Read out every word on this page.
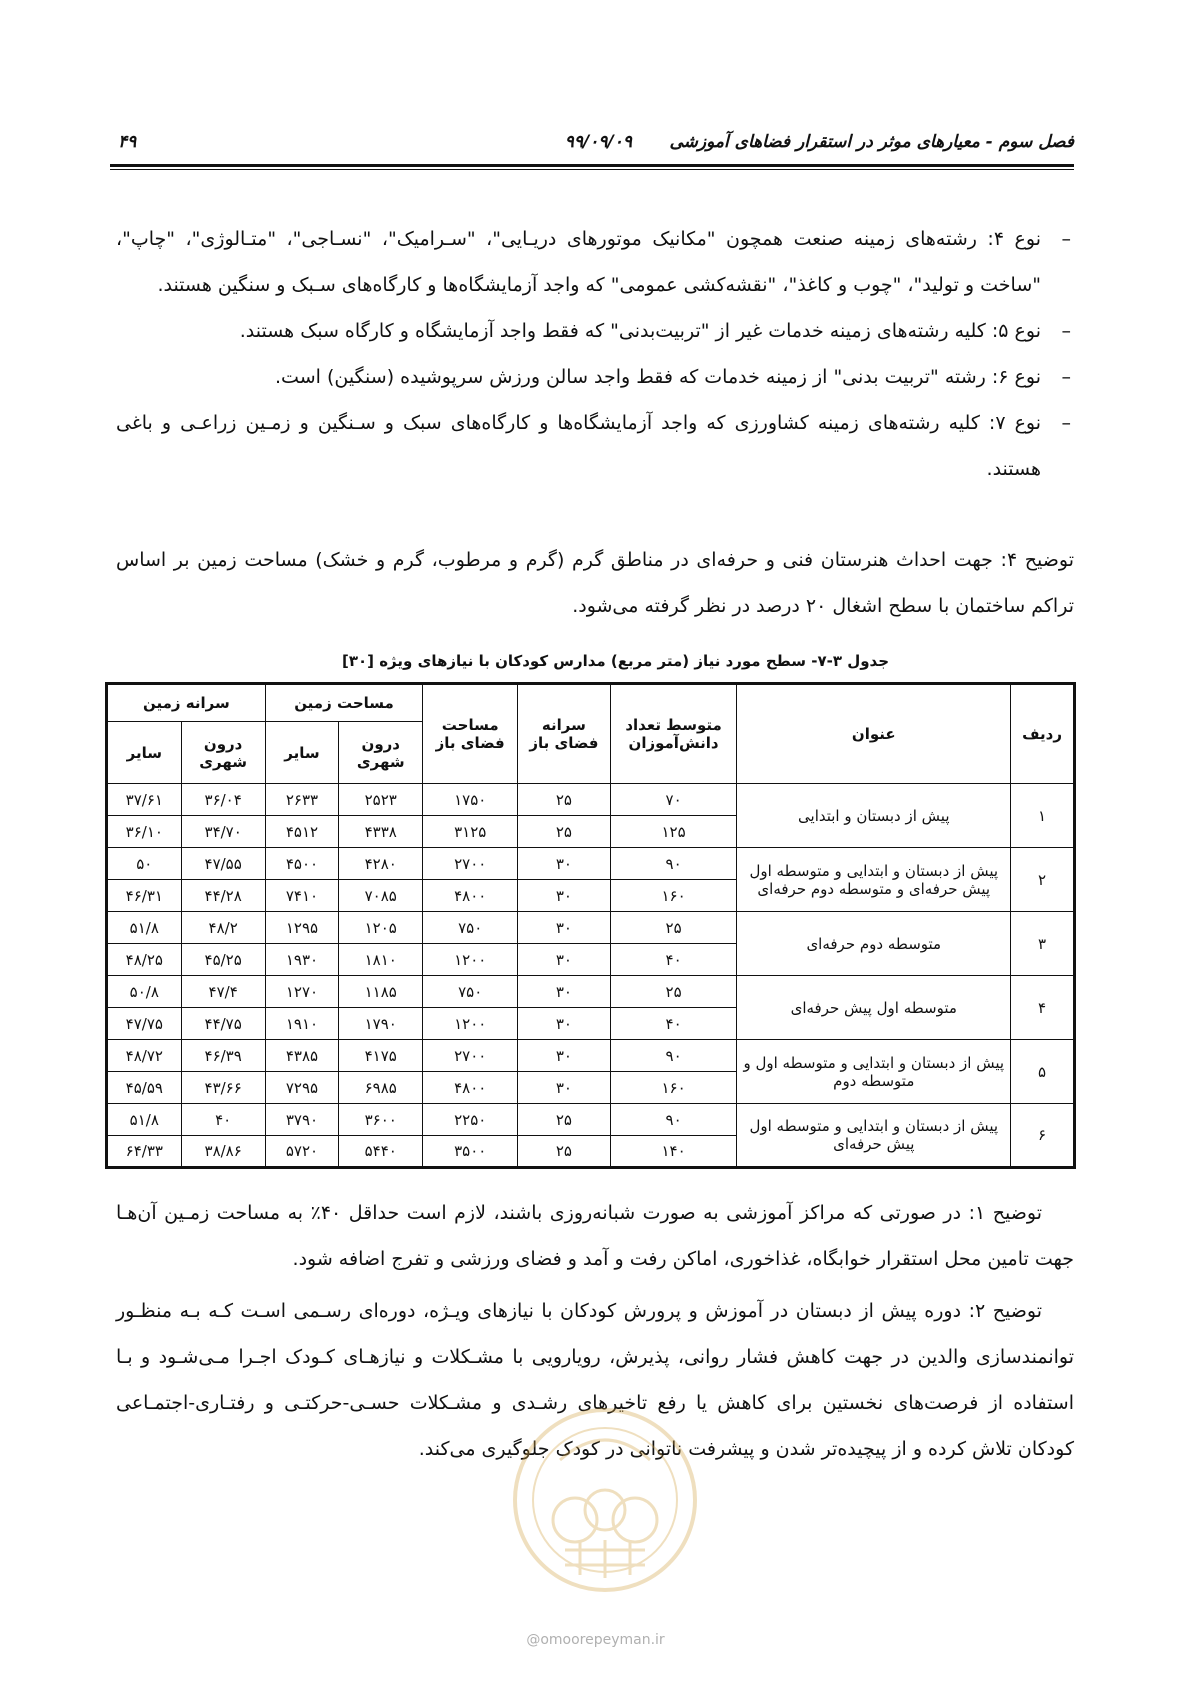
فصل سوم - معیارهای موثر در استقرار فضاهای آموزشی
۹۹/۰۹/۰۹
۴۹
–
نوع ۴: رشته‌های زمینه صنعت همچون "مکانیک موتورهای دریـایی"، "سـرامیک"، "نسـاجی"، "متـالوژی"، "چاپ"، "ساخت و تولید"، "چوب و کاغذ"، "نقشه‌کشی عمومی" که واجد آزمایشگاه‌ها و کارگاه‌های سـبک و سنگین هستند.
–
نوع ۵: کلیه رشته‌های زمینه خدمات غیر از "تربیت‌بدنی" که فقط واجد آزمایشگاه و کارگاه سبک هستند.
–
نوع ۶: رشته "تربیت بدنی" از زمینه خدمات که فقط واجد سالن ورزش سرپوشیده (سنگین) است.
–
نوع ۷: کلیه رشته‌های زمینه کشاورزی که واجد آزمایشگاه‌ها و کارگاه‌های سبک و سـنگین و زمـین زراعـی و باغی هستند.
توضیح ۴: جهت احداث هنرستان فنی و حرفه‌ای در مناطق گرم (گرم و مرطوب، گرم و خشک) مساحت زمین بر اساس تراکم ساختمان با سطح اشغال ۲۰ درصد در نظر گرفته می‌شود.
جدول ۳-۷- سطح مورد نیاز (متر مربع) مدارس کودکان با نیازهای ویژه [۳۰]
ردیف	عنوان	متوسط تعداد دانش‌آموزان	سرانه فضای باز	مساحت فضای باز	مساحت زمین		سرانه زمین	
					درون شهری	سایر	درون شهری	سایر
۱	پیش از دبستان و ابتدایی	۷۰	۲۵	۱۷۵۰	۲۵۲۳	۲۶۳۳	۳۶/۰۴	۳۷/۶۱
		۱۲۵	۲۵	۳۱۲۵	۴۳۳۸	۴۵۱۲	۳۴/۷۰	۳۶/۱۰
۲	پیش از دبستان و ابتدایی و متوسطه اول پیش حرفه‌ای و متوسطه دوم حرفه‌ای	۹۰	۳۰	۲۷۰۰	۴۲۸۰	۴۵۰۰	۴۷/۵۵	۵۰
		۱۶۰	۳۰	۴۸۰۰	۷۰۸۵	۷۴۱۰	۴۴/۲۸	۴۶/۳۱
۳	متوسطه دوم حرفه‌ای	۲۵	۳۰	۷۵۰	۱۲۰۵	۱۲۹۵	۴۸/۲	۵۱/۸
		۴۰	۳۰	۱۲۰۰	۱۸۱۰	۱۹۳۰	۴۵/۲۵	۴۸/۲۵
۴	متوسطه اول پیش حرفه‌ای	۲۵	۳۰	۷۵۰	۱۱۸۵	۱۲۷۰	۴۷/۴	۵۰/۸
		۴۰	۳۰	۱۲۰۰	۱۷۹۰	۱۹۱۰	۴۴/۷۵	۴۷/۷۵
۵	پیش از دبستان و ابتدایی و متوسطه اول و متوسطه دوم	۹۰	۳۰	۲۷۰۰	۴۱۷۵	۴۳۸۵	۴۶/۳۹	۴۸/۷۲
		۱۶۰	۳۰	۴۸۰۰	۶۹۸۵	۷۲۹۵	۴۳/۶۶	۴۵/۵۹
۶	پیش از دبستان و ابتدایی و متوسطه اول پیش حرفه‌ای	۹۰	۲۵	۲۲۵۰	۳۶۰۰	۳۷۹۰	۴۰	۵۱/۸
		۱۴۰	۲۵	۳۵۰۰	۵۴۴۰	۵۷۲۰	۳۸/۸۶	۶۴/۳۳

توضیح ۱: در صورتی که مراکز آموزشی به صورت شبانه‌روزی باشند، لازم است حداقل ۴۰٪ به مساحت زمـین آن‌هـا جهت تامین محل استقرار خوابگاه، غذاخوری، اماکن رفت و آمد و فضای ورزشی و تفرج اضافه شود.

توضیح ۲: دوره پیش از دبستان در آموزش و پرورش کودکان با نیازهای ویـژه، دوره‌ای رسـمی اسـت کـه بـه منظـور توانمندسازی والدین در جهت کاهش فشار روانی، پذیرش، رویارویی با مشـکلات و نیازهـای کـودک اجـرا مـی‌شـود و بـا استفاده از فرصت‌های نخستین برای کاهش یا رفع تاخیرهای رشـدی و مشـکلات حسـی-حرکتـی و رفتـاری-اجتمـاعی کودکان تلاش کرده و از پیچیده‌تر شدن و پیشرفت ناتوانی در کودک جلوگیری می‌کند.

@omoorepeyman.ir
